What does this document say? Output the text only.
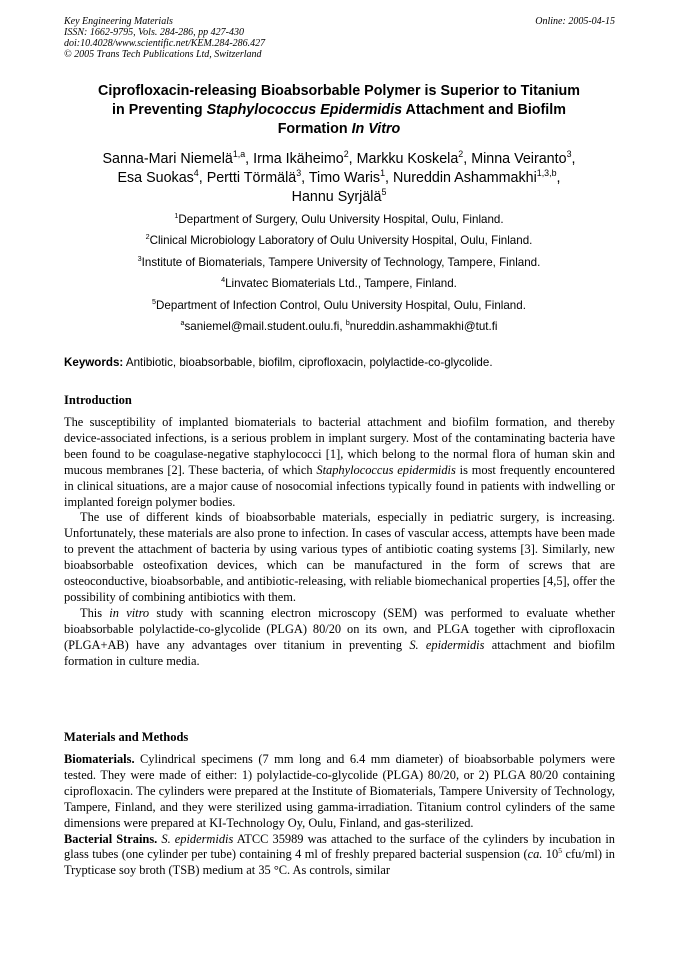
Key Engineering Materials
ISSN: 1662-9795, Vols. 284-286, pp 427-430
doi:10.4028/www.scientific.net/KEM.284-286.427
© 2005 Trans Tech Publications Ltd, Switzerland
Online: 2005-04-15
Ciprofloxacin-releasing Bioabsorbable Polymer is Superior to Titanium
in Preventing Staphylococcus Epidermidis Attachment and Biofilm
Formation In Vitro
Sanna-Mari Niemelä$^{1,a}$, Irma Ikäheimo$^2$, Markku Koskela$^2$, Minna Veiranto$^3$,
Esa Suokas$^4$, Pertti Törmälä$^3$, Timo Waris$^1$, Nureddin Ashammakhi$^{1,3,b}$,
Hannu Syrjälä$^5$
$^1$Department of Surgery, Oulu University Hospital, Oulu, Finland.
$^2$Clinical Microbiology Laboratory of Oulu University Hospital, Oulu, Finland.
$^3$Institute of Biomaterials, Tampere University of Technology, Tampere, Finland.
$^4$Linvatec Biomaterials Ltd., Tampere, Finland.
$^5$Department of Infection Control, Oulu University Hospital, Oulu, Finland.
$^a$saniemel@mail.student.oulu.fi, $^b$nureddin.ashammakhi@tut.fi
Keywords: Antibiotic, bioabsorbable, biofilm, ciprofloxacin, polylactide-co-glycolide.
Introduction

The susceptibility of implanted biomaterials to bacterial attachment and biofilm formation, and thereby device-associated infections, is a serious problem in implant surgery. Most of the contaminating bacteria have been found to be coagulase-negative staphylococci [1], which belong to the normal flora of human skin and mucous membranes [2]. These bacteria, of which Staphylococcus epidermidis is most frequently encountered in clinical situations, are a major cause of nosocomial infections typically found in patients with indwelling or implanted foreign polymer bodies.

The use of different kinds of bioabsorbable materials, especially in pediatric surgery, is increasing. Unfortunately, these materials are also prone to infection. In cases of vascular access, attempts have been made to prevent the attachment of bacteria by using various types of antibiotic coating systems [3]. Similarly, new bioabsorbable osteofixation devices, which can be manufactured in the form of screws that are osteoconductive, bioabsorbable, and antibiotic-releasing, with reliable biomechanical properties [4,5], offer the possibility of combining antibiotics with them.

This in vitro study with scanning electron microscopy (SEM) was performed to evaluate whether bioabsorbable polylactide-co-glycolide (PLGA) 80/20 on its own, and PLGA together with ciprofloxacin (PLGA+AB) have any advantages over titanium in preventing S. epidermidis attachment and biofilm formation in culture media.

Materials and Methods

Biomaterials. Cylindrical specimens (7 mm long and 6.4 mm diameter) of bioabsorbable polymers were tested. They were made of either: 1) polylactide-co-glycolide (PLGA) 80/20, or 2) PLGA 80/20 containing ciprofloxacin. The cylinders were prepared at the Institute of Biomaterials, Tampere University of Technology, Tampere, Finland, and they were sterilized using gamma-irradiation. Titanium control cylinders of the same dimensions were prepared at KI-Technology Oy, Oulu, Finland, and gas-sterilized.

Bacterial Strains. S. epidermidis ATCC 35989 was attached to the surface of the cylinders by incubation in glass tubes (one cylinder per tube) containing 4 ml of freshly prepared bacterial suspension (ca. $10^5$ cfu/ml) in Trypticase soy broth (TSB) medium at 35 °C. As controls, similar
